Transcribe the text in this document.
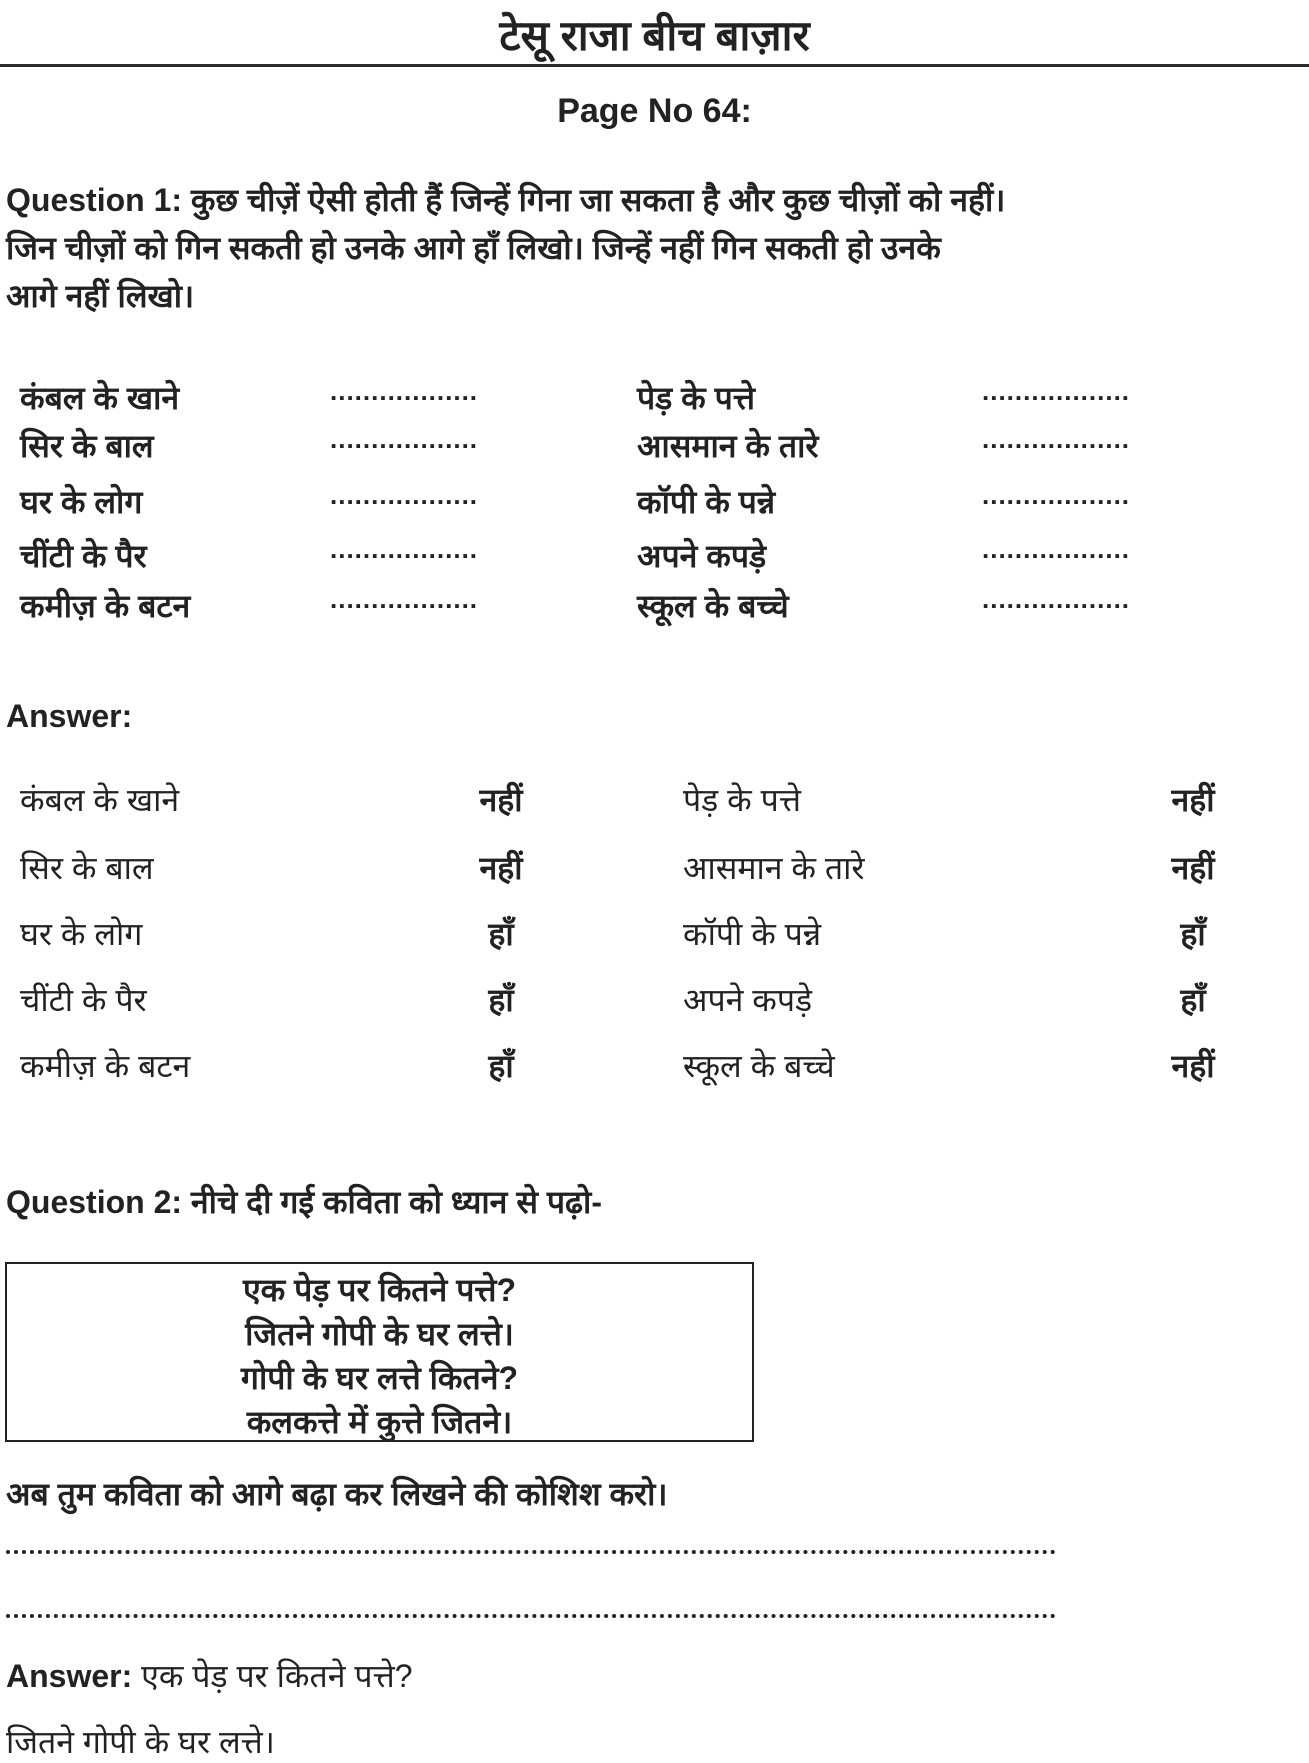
टेसू राजा बीच बाज़ार
Page No 64:
Question 1: कुछ चीज़ें ऐसी होती हैं जिन्हें गिना जा सकता है और कुछ चीज़ों को नहीं।
जिन चीज़ों को गिन सकती हो उनके आगे हाँ लिखो। जिन्हें नहीं गिन सकती हो उनके
आगे नहीं लिखो।
कंबल के खाने	..................	पेड़ के पत्ते	..................
सिर के बाल	..................	आसमान के तारे	..................
घर के लोग	..................	कॉपी के पन्ने	..................
चींटी के पैर	..................	अपने कपड़े	..................
कमीज़ के बटन	..................	स्कूल के बच्चे	..................
Answer:
कंबल के खाने	नहीं	पेड़ के पत्ते	नहीं
सिर के बाल	नहीं	आसमान के तारे	नहीं
घर के लोग	हाँ	कॉपी के पन्ने	हाँ
चींटी के पैर	हाँ	अपने कपड़े	हाँ
कमीज़ के बटन	हाँ	स्कूल के बच्चे	नहीं
Question 2: नीचे दी गई कविता को ध्यान से पढ़ो-
एक पेड़ पर कितने पत्ते?
जितने गोपी के घर लत्ते।
गोपी के घर लत्ते कितने?
कलकत्ते में कुत्ते जितने।
अब तुम कविता को आगे बढ़ा कर लिखने की कोशिश करो।
Answer: एक पेड़ पर कितने पत्ते?
जितने गोपी के घर लत्ते।
